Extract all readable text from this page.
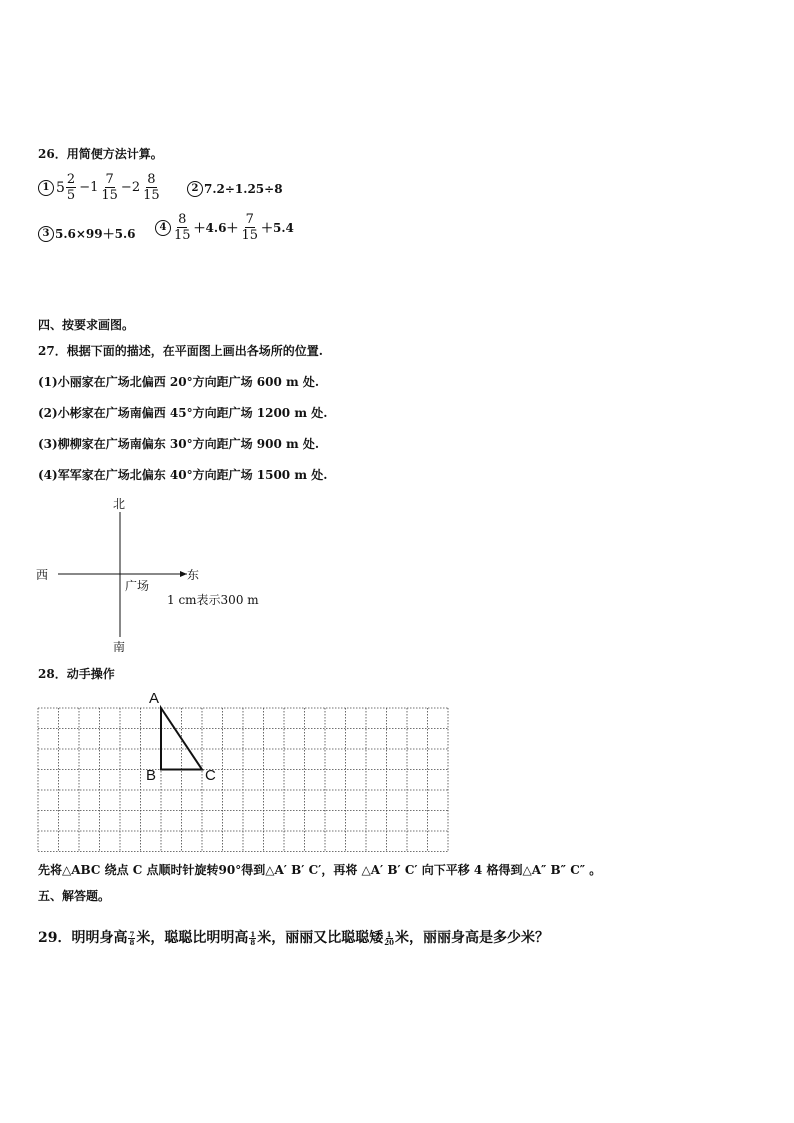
26．用简便方法计算。
1 $5 \frac{2}{5} -1 \frac{7}{15} -2 \frac{8}{15}$	2 7.2÷1.25÷8
3 5.6×99＋5.6	$4 \frac{8}{15} +4.6+ \frac{7}{15} +5.4$
四、按要求画图。
27．根据下面的描述，在平面图上画出各场所的位置.
(1)小丽家在广场北偏西 20°方向距广场 600 m 处.
(2)小彬家在广场南偏西 45°方向距广场 1200 m 处.
(3)柳柳家在广场南偏东 30°方向距广场 900 m 处.
(4)军军家在广场北偏东 40°方向距广场 1500 m 处.
北
南
西	东
广场
1 cm表示300 m
28．动手操作
A
B	C
先将△ABC 绕点 C 点顺时针旋转90°得到△A′ B′ C′，再将 △A′ B′ C′ 向下平移 4 格得到△A″ B″ C″ 。
五、解答题。
29．明明身高 $\frac{7}{8}$ 米，聪聪比明明高 $\frac{1}{8}$ 米，丽丽又比聪聪矮 $\frac{1}{20}$ 米，丽丽身高是多少米？
